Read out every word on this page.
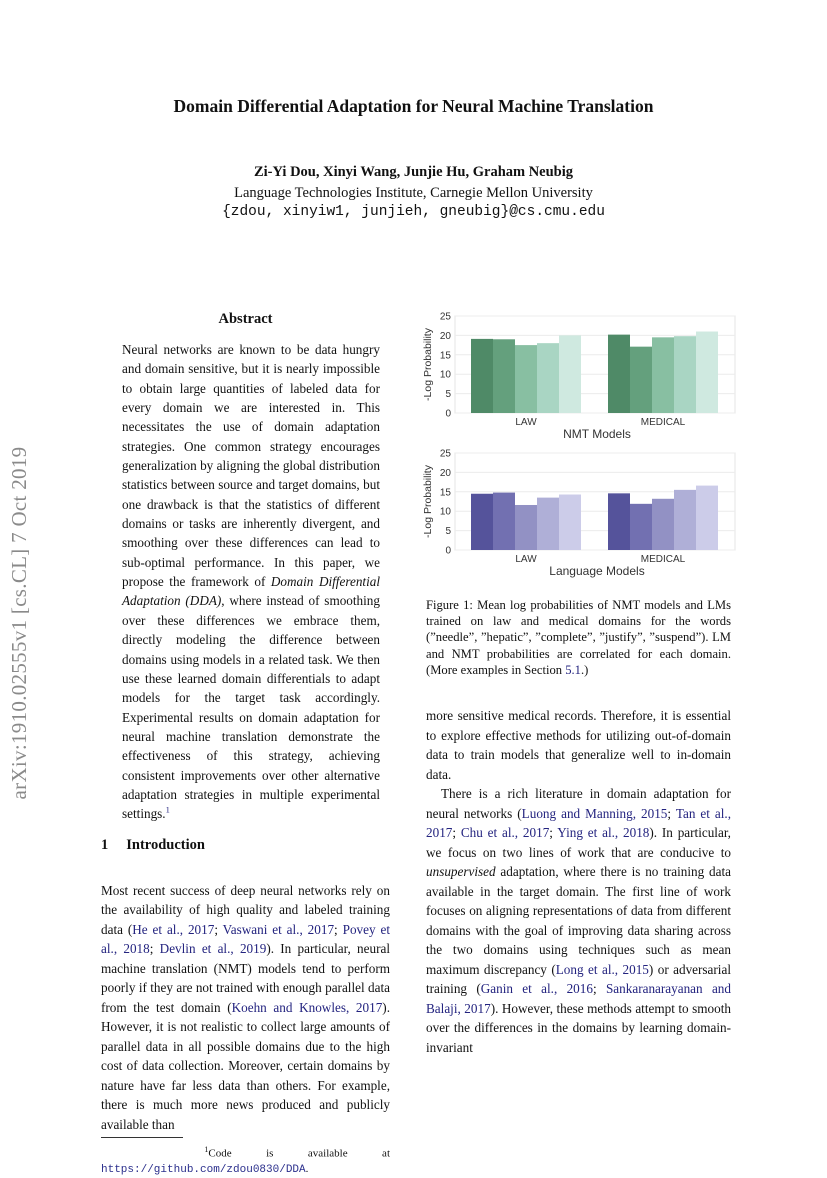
Domain Differential Adaptation for Neural Machine Translation
Zi-Yi Dou, Xinyi Wang, Junjie Hu, Graham Neubig
Language Technologies Institute, Carnegie Mellon University
{zdou, xinyiw1, junjieh, gneubig}@cs.cmu.edu
arXiv:1910.02555v1 [cs.CL] 7 Oct 2019
Abstract
Neural networks are known to be data hungry and domain sensitive, but it is nearly impossible to obtain large quantities of labeled data for every domain we are interested in. This necessitates the use of domain adaptation strategies. One common strategy encourages generalization by aligning the global distribution statistics between source and target domains, but one drawback is that the statistics of different domains or tasks are inherently divergent, and smoothing over these differences can lead to sub-optimal performance. In this paper, we propose the framework of Domain Differential Adaptation (DDA), where instead of smoothing over these differences we embrace them, directly modeling the difference between domains using models in a related task. We then use these learned domain differentials to adapt models for the target task accordingly. Experimental results on domain adaptation for neural machine translation demonstrate the effectiveness of this strategy, achieving consistent improvements over other alternative adaptation strategies in multiple experimental settings.$^1$
1 Introduction
Most recent success of deep neural networks rely on the availability of high quality and labeled training data (He et al., 2017; Vaswani et al., 2017; Povey et al., 2018; Devlin et al., 2019). In particular, neural machine translation (NMT) models tend to perform poorly if they are not trained with enough parallel data from the test domain (Koehn and Knowles, 2017). However, it is not realistic to collect large amounts of parallel data in all possible domains due to the high cost of data collection. Moreover, certain domains by nature have far less data than others. For example, there is much more news produced and publicly available than
$^1$Code is available at https://github.com/zdou0830/DDA.
0
5
10
15
20
25
-Log Probability
LAW	MEDICAL
NMT Models
0
5
10
15
20
25
-Log Probability
LAW	MEDICAL
Language Models
Figure 1: Mean log probabilities of NMT models and LMs trained on law and medical domains for the words (”needle”, ”hepatic”, ”complete”, ”justify”, ”suspend”). LM and NMT probabilities are correlated for each domain. (More examples in Section 5.1.)
more sensitive medical records. Therefore, it is essential to explore effective methods for utilizing out-of-domain data to train models that generalize well to in-domain data.
There is a rich literature in domain adaptation for neural networks (Luong and Manning, 2015; Tan et al., 2017; Chu et al., 2017; Ying et al., 2018). In particular, we focus on two lines of work that are conducive to unsupervised adaptation, where there is no training data available in the target domain. The first line of work focuses on aligning representations of data from different domains with the goal of improving data sharing across the two domains using techniques such as mean maximum discrepancy (Long et al., 2015) or adversarial training (Ganin et al., 2016; Sankaranarayanan and Balaji, 2017). However, these methods attempt to smooth over the differences in the domains by learning domain-invariant
